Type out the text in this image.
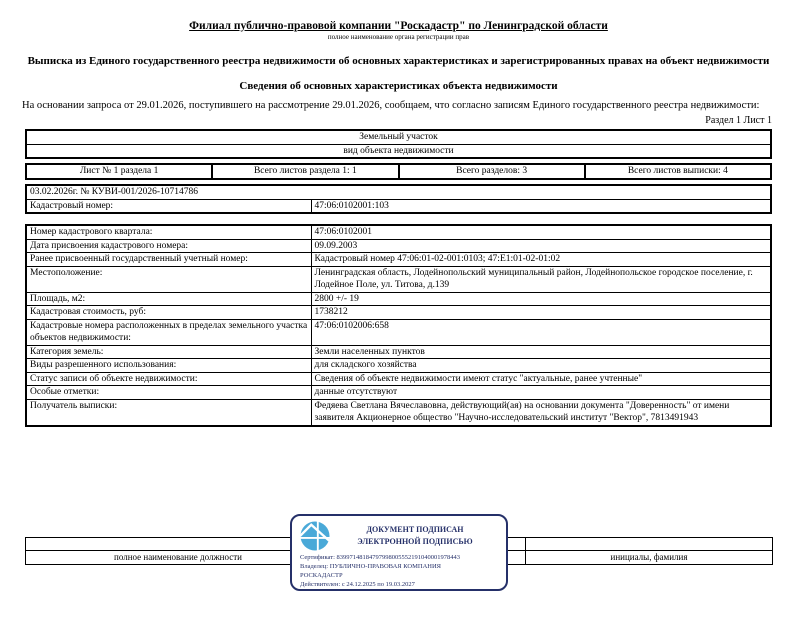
Филиал публично-правовой компании "Роскадастр" по Ленинградской области
полное наименование органа регистрации прав
Выписка из Единого государственного реестра недвижимости об основных характеристиках и зарегистрированных правах на объект недвижимости
Сведения об основных характеристиках объекта недвижимости
На основании запроса от 29.01.2026, поступившего на рассмотрение 29.01.2026, сообщаем, что согласно записям Единого государственного реестра недвижимости:
Раздел 1 Лист 1
Земельный участок
вид объекта недвижимости
Лист № 1 раздела 1	Всего листов раздела 1: 1	Всего разделов: 3	Всего листов выписки: 4
03.02.2026г. № КУВИ-001/2026-10714786
Кадастровый номер:	47:06:0102001:103
Номер кадастрового квартала:	47:06:0102001
Дата присвоения кадастрового номера:	09.09.2003
Ранее присвоенный государственный учетный номер:	Кадастровый номер 47:06:01-02-001:0103; 47:Е1:01-02-01:02
Местоположение:	Ленинградская область, Лодейнопольский муниципальный район, Лодейнопольское городское поселение, г. Лодейное Поле, ул. Титова, д.139
Площадь, м2:	2800 +/- 19
Кадастровая стоимость, руб:	1738212
Кадастровые номера расположенных в пределах земельного участка объектов недвижимости:	47:06:0102006:658
Категория земель:	Земли населенных пунктов
Виды разрешенного использования:	для складского хозяйства
Статус записи об объекте недвижимости:	Сведения об объекте недвижимости имеют статус "актуальные, ранее учтенные"
Особые отметки:	данные отсутствуют
Получатель выписки:	Федяева Светлана Вячеславовна, действующий(ая) на основании документа "Доверенность" от имени заявителя Акционерное общество "Научно-исследовательский институт "Вектор", 7813491943

полное наименование должности		инициалы, фамилия
ДОКУМЕНТ ПОДПИСАН
ЭЛЕКТРОННОЙ ПОДПИСЬЮ
Сертификат: 83997148184797998005552191040001978443
Владелец: ПУБЛИЧНО-ПРАВОВАЯ КОМПАНИЯ РОСКАДАСТР
Действителен: с 24.12.2025 по 19.03.2027
